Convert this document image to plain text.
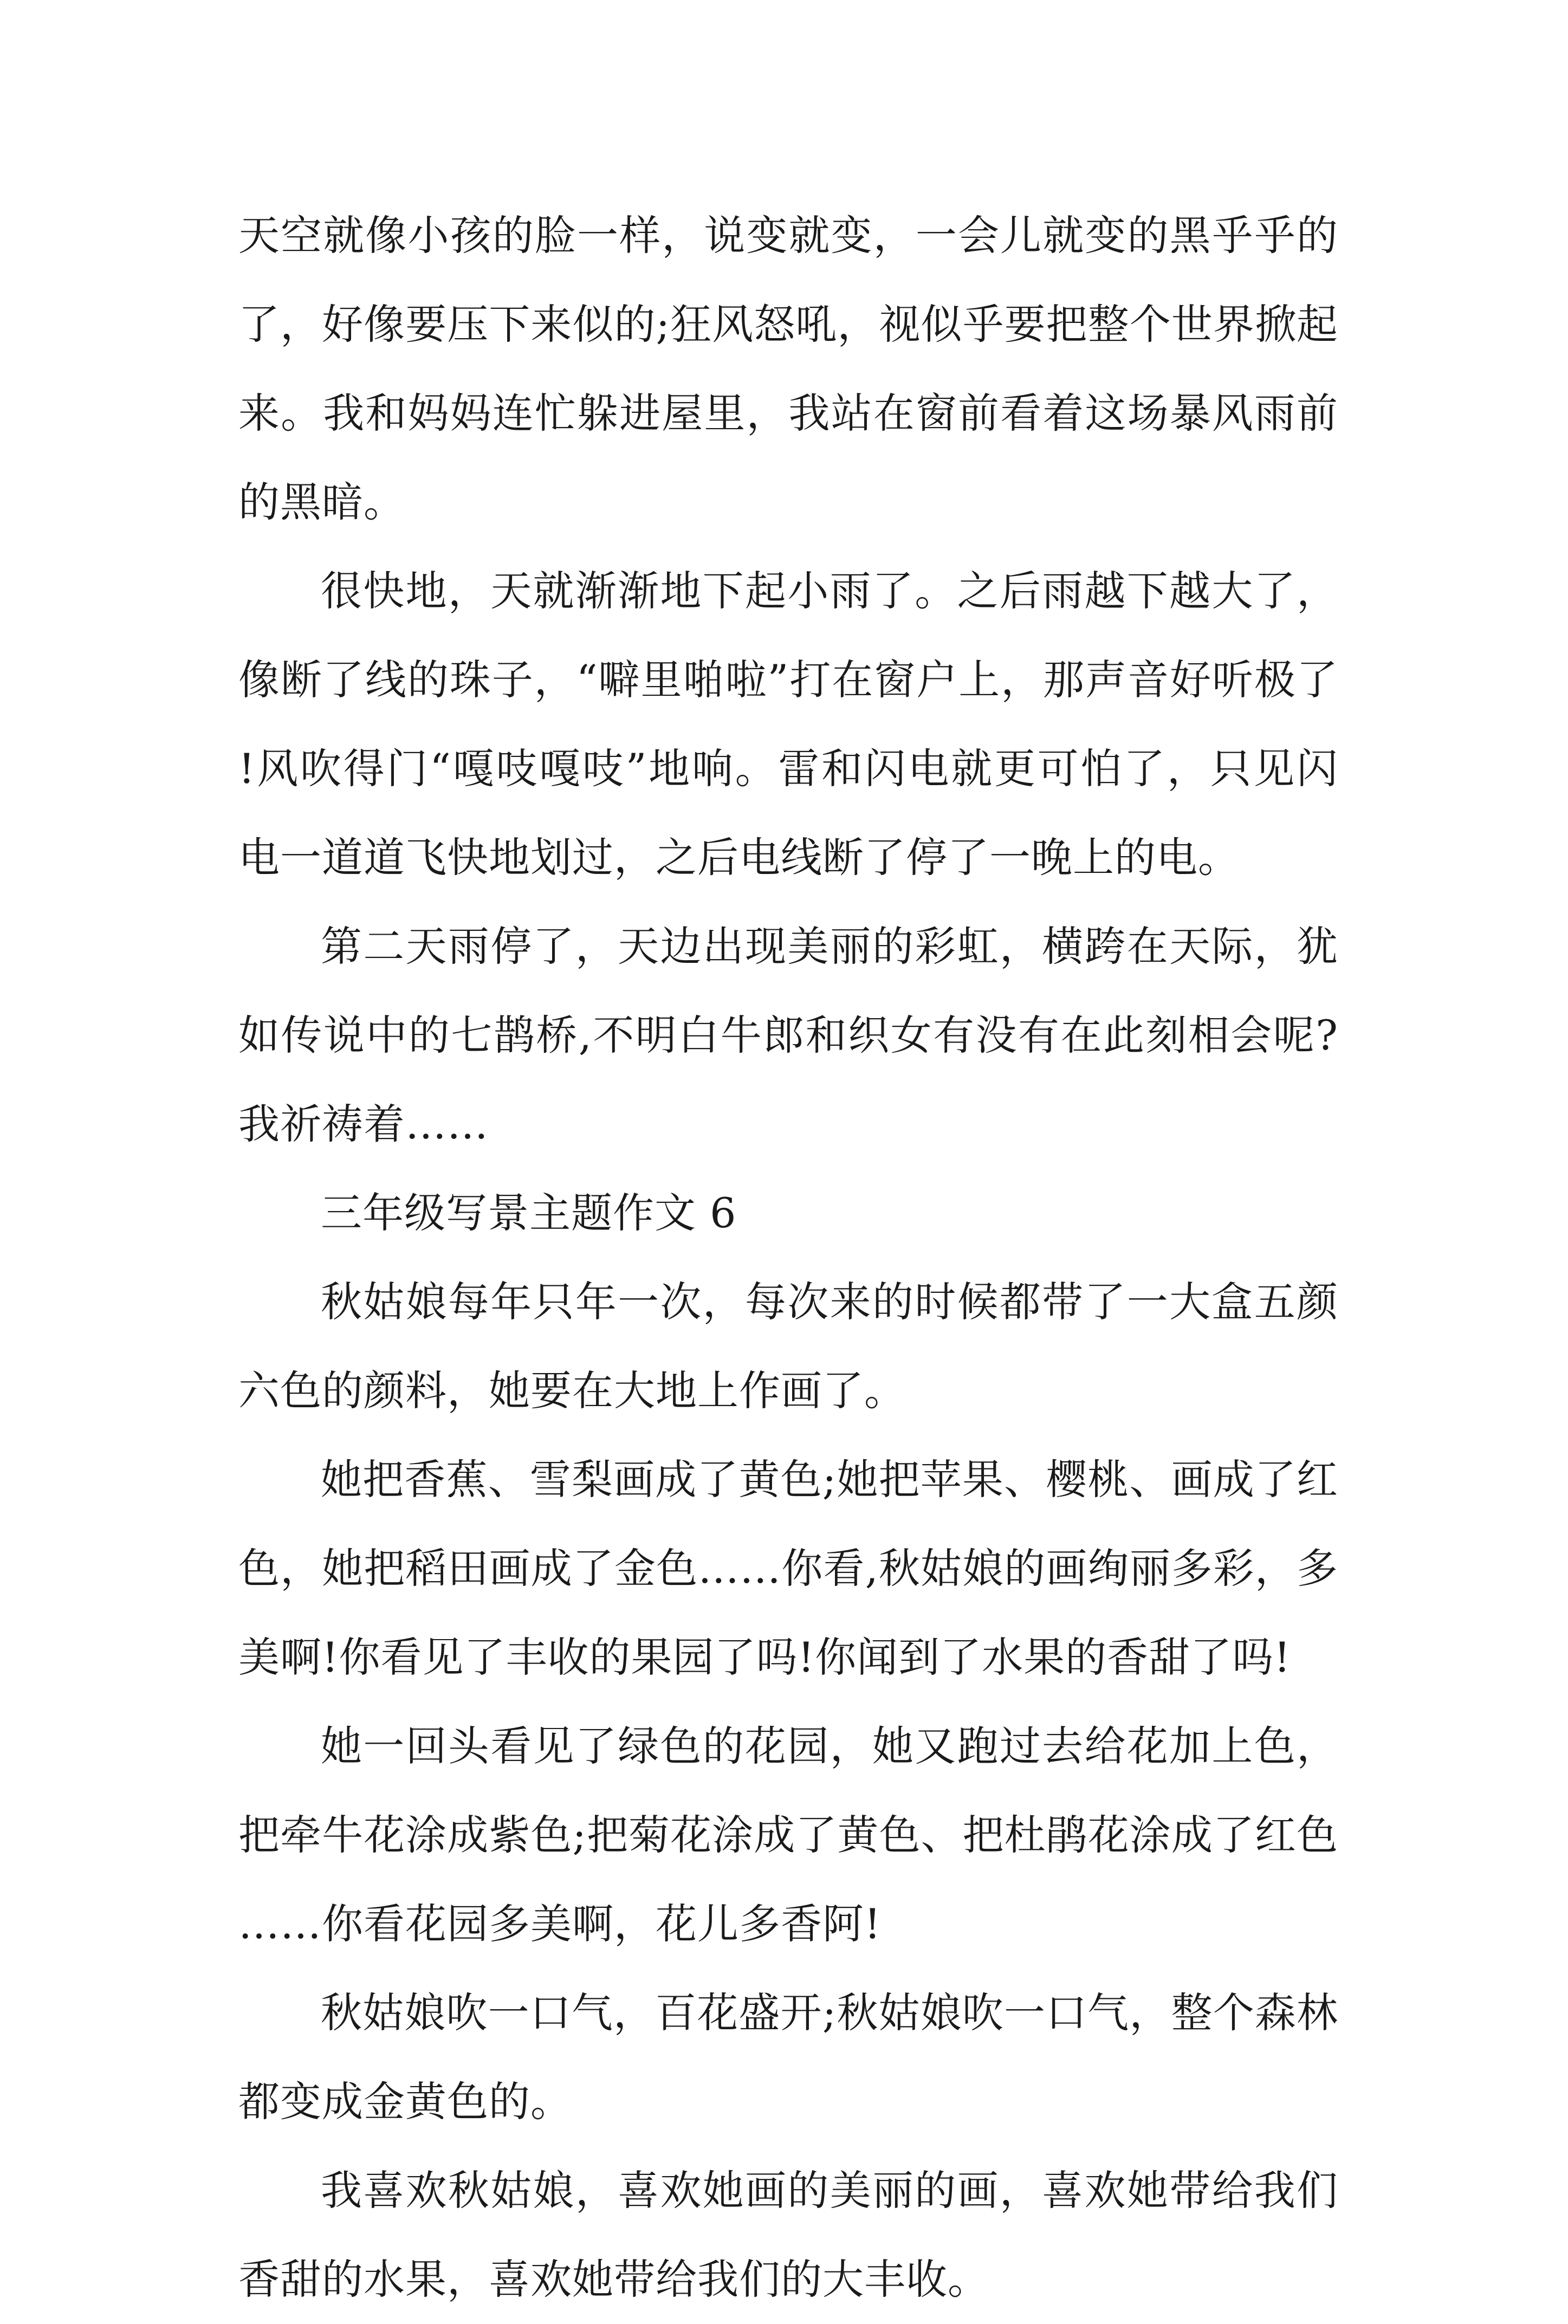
天空就像小孩的脸一样，说变就变，一会儿就变的黑乎乎的了，好像要压下来似的;狂风怒吼，视似乎要把整个世界掀起来。我和妈妈连忙躲进屋里，我站在窗前看着这场暴风雨前的黑暗。

很快地，天就渐渐地下起小雨了。之后雨越下越大了，像断了线的珠子，“噼里啪啦”打在窗户上，那声音好听极了!风吹得门“嘎吱嘎吱”地响。雷和闪电就更可怕了，只见闪电一道道飞快地划过，之后电线断了停了一晚上的电。

第二天雨停了，天边出现美丽的彩虹，横跨在天际，犹如传说中的七鹊桥,不明白牛郎和织女有没有在此刻相会呢?我祈祷着……

三年级写景主题作文 6

秋姑娘每年只年一次，每次来的时候都带了一大盒五颜六色的颜料，她要在大地上作画了。

她把香蕉、雪梨画成了黄色;她把苹果、樱桃、画成了红色，她把稻田画成了金色……你看,秋姑娘的画绚丽多彩，多美啊!你看见了丰收的果园了吗!你闻到了水果的香甜了吗!

她一回头看见了绿色的花园，她又跑过去给花加上色，把牵牛花涂成紫色;把菊花涂成了黄色、把杜鹃花涂成了红色……你看花园多美啊，花儿多香阿!

秋姑娘吹一口气，百花盛开;秋姑娘吹一口气，整个森林都变成金黄色的。

我喜欢秋姑娘，喜欢她画的美丽的画，喜欢她带给我们香甜的水果，喜欢她带给我们的大丰收。
